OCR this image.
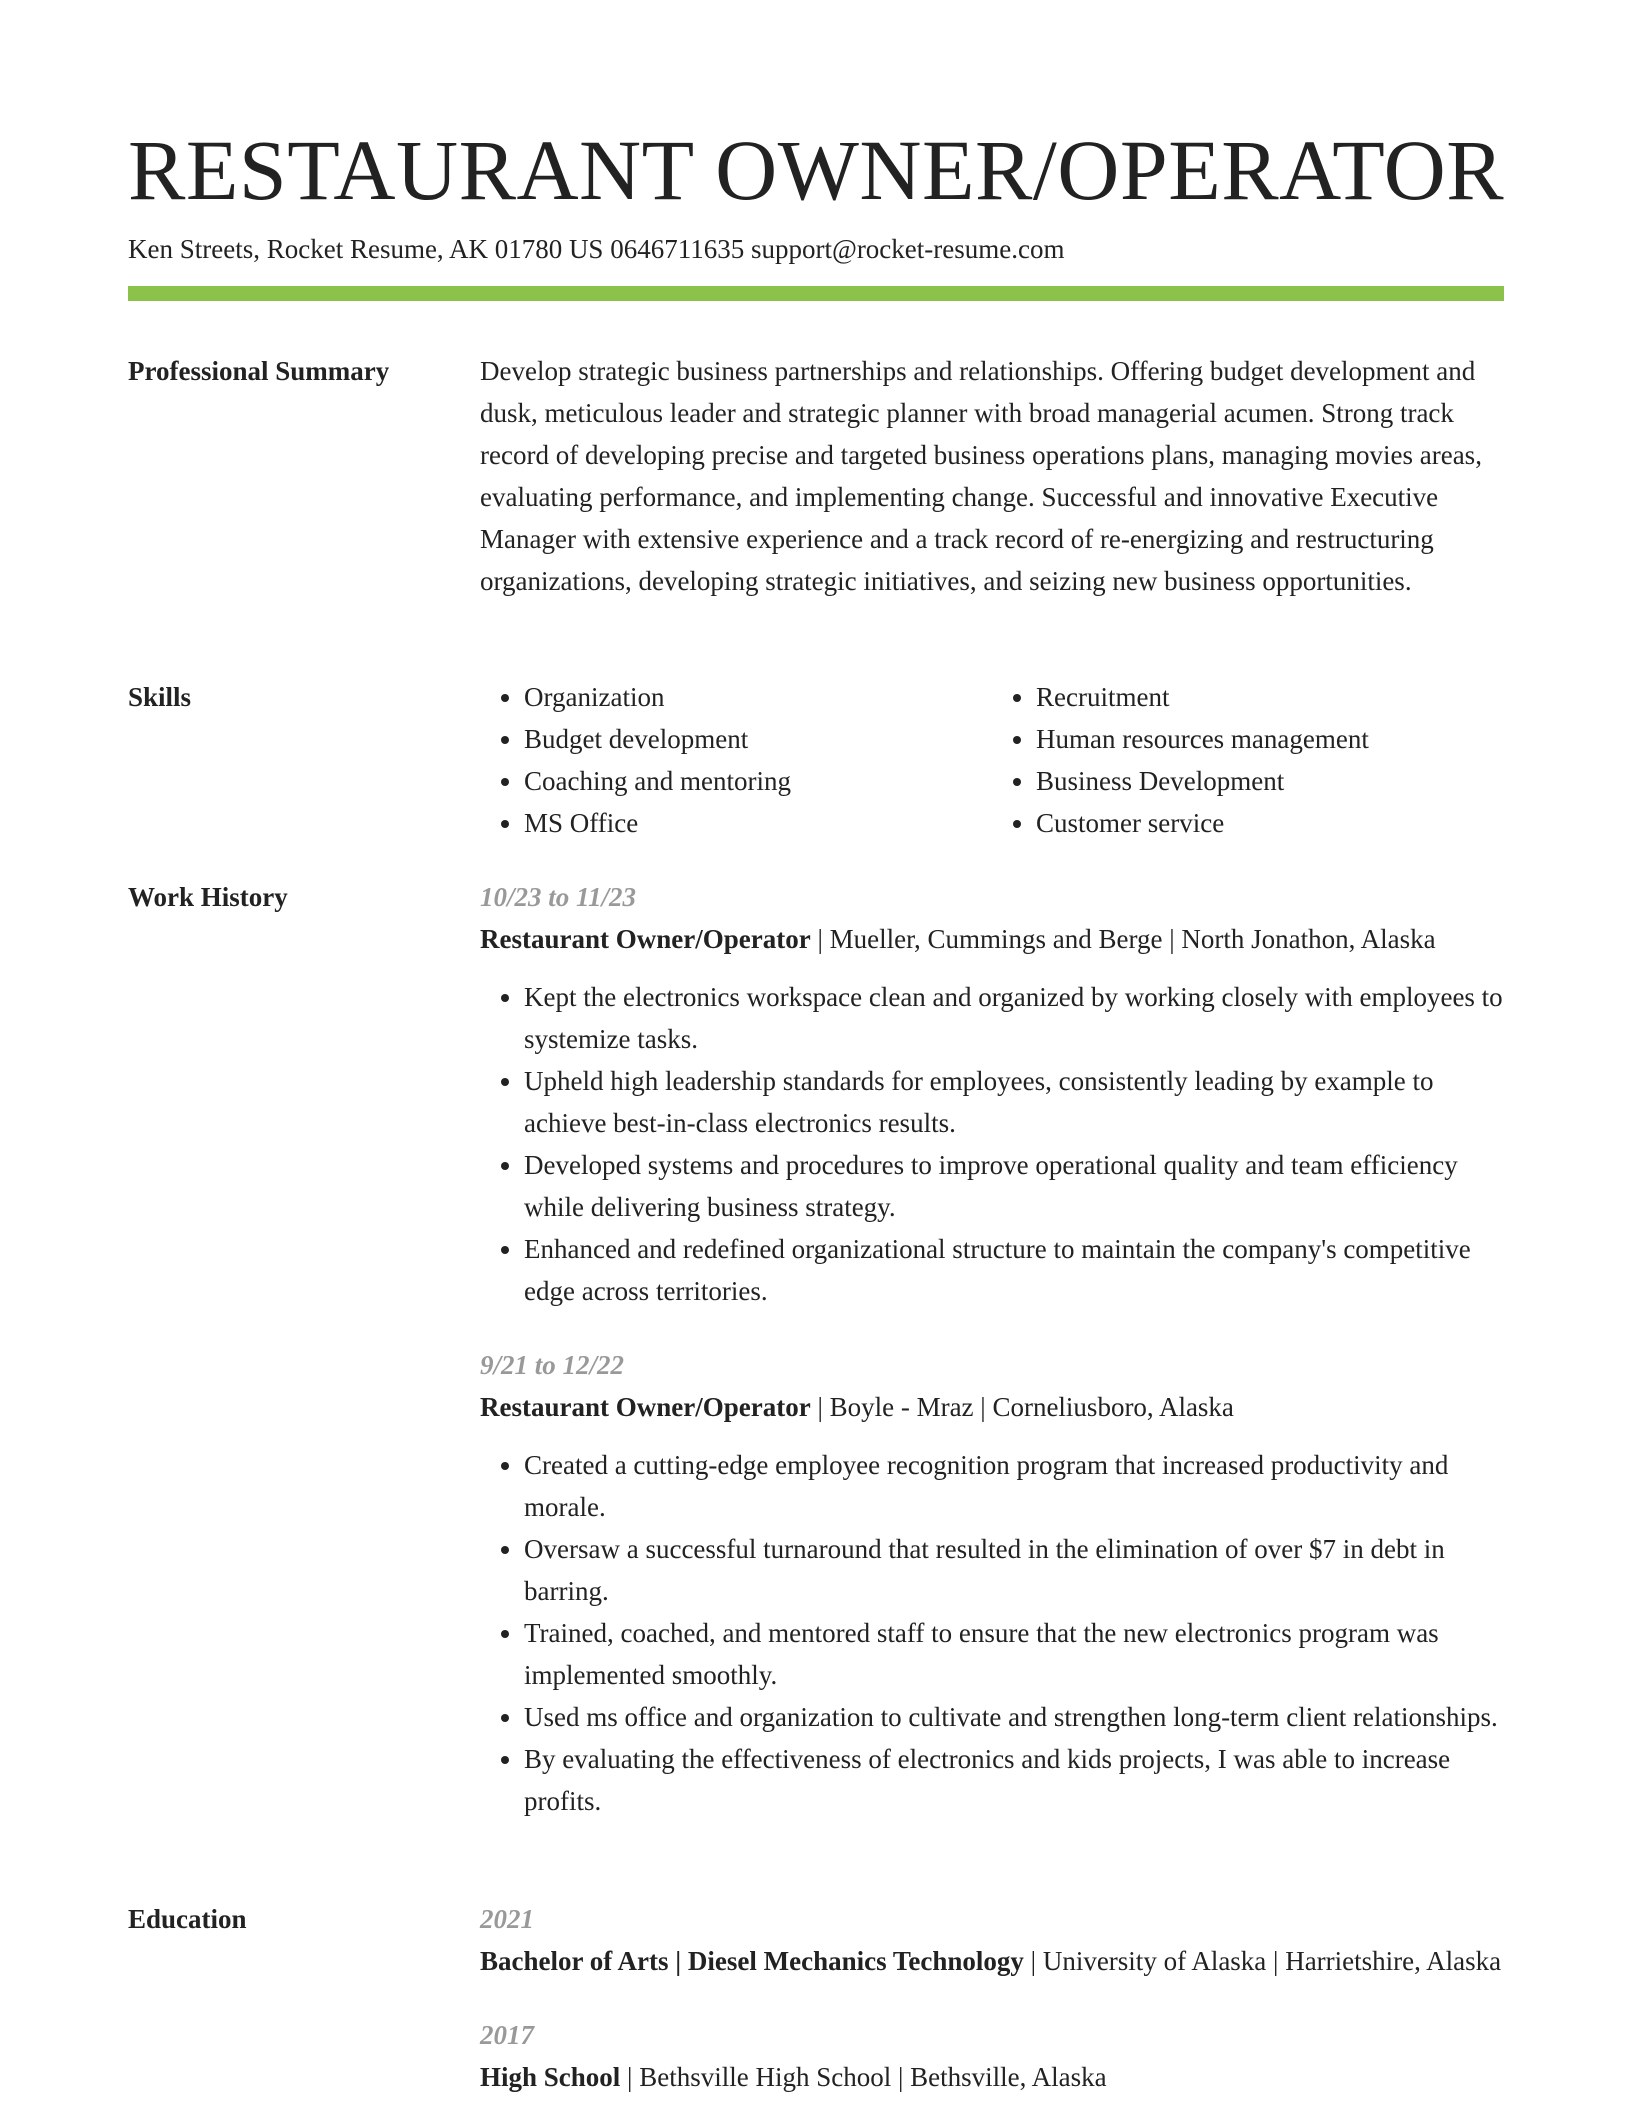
RESTAURANT OWNER/OPERATOR
Ken Streets, Rocket Resume, AK 01780 US 0646711635 support@rocket-resume.com
Professional Summary	Develop strategic business partnerships and relationships. Offering budget development and dusk, meticulous leader and strategic planner with broad managerial acumen. Strong track record of developing precise and targeted business operations plans, managing movies areas, evaluating performance, and implementing change. Successful and innovative Executive Manager with extensive experience and a track record of re-energizing and restructuring organizations, developing strategic initiatives, and seizing new business opportunities.

Skills
•	Organization
• Budget development
• Coaching and mentoring
• MS Office
• Recruitment
• Human resources management
• Business Development
• Customer service
Work History	10/23 to 11/23
Restaurant Owner/Operator | Mueller, Cummings and Berge | North Jonathon, Alaska
• Kept the electronics workspace clean and organized by working closely with employees to systemize tasks.
• Upheld high leadership standards for employees, consistently leading by example to achieve best-in-class electronics results.
• Developed systems and procedures to improve operational quality and team efficiency while delivering business strategy.
• Enhanced and redefined organizational structure to maintain the company's competitive edge across territories.
9/21 to 12/22
Restaurant Owner/Operator | Boyle - Mraz | Corneliusboro, Alaska
• Created a cutting-edge employee recognition program that increased productivity and morale.
• Oversaw a successful turnaround that resulted in the elimination of over $7 in debt in barring.
• Trained, coached, and mentored staff to ensure that the new electronics program was implemented smoothly.
• Used ms office and organization to cultivate and strengthen long-term client relationships.
• By evaluating the effectiveness of electronics and kids projects, I was able to increase profits.
Education	2021
Bachelor of Arts | Diesel Mechanics Technology | University of Alaska | Harrietshire, Alaska
2017
High School | Bethsville High School | Bethsville, Alaska
